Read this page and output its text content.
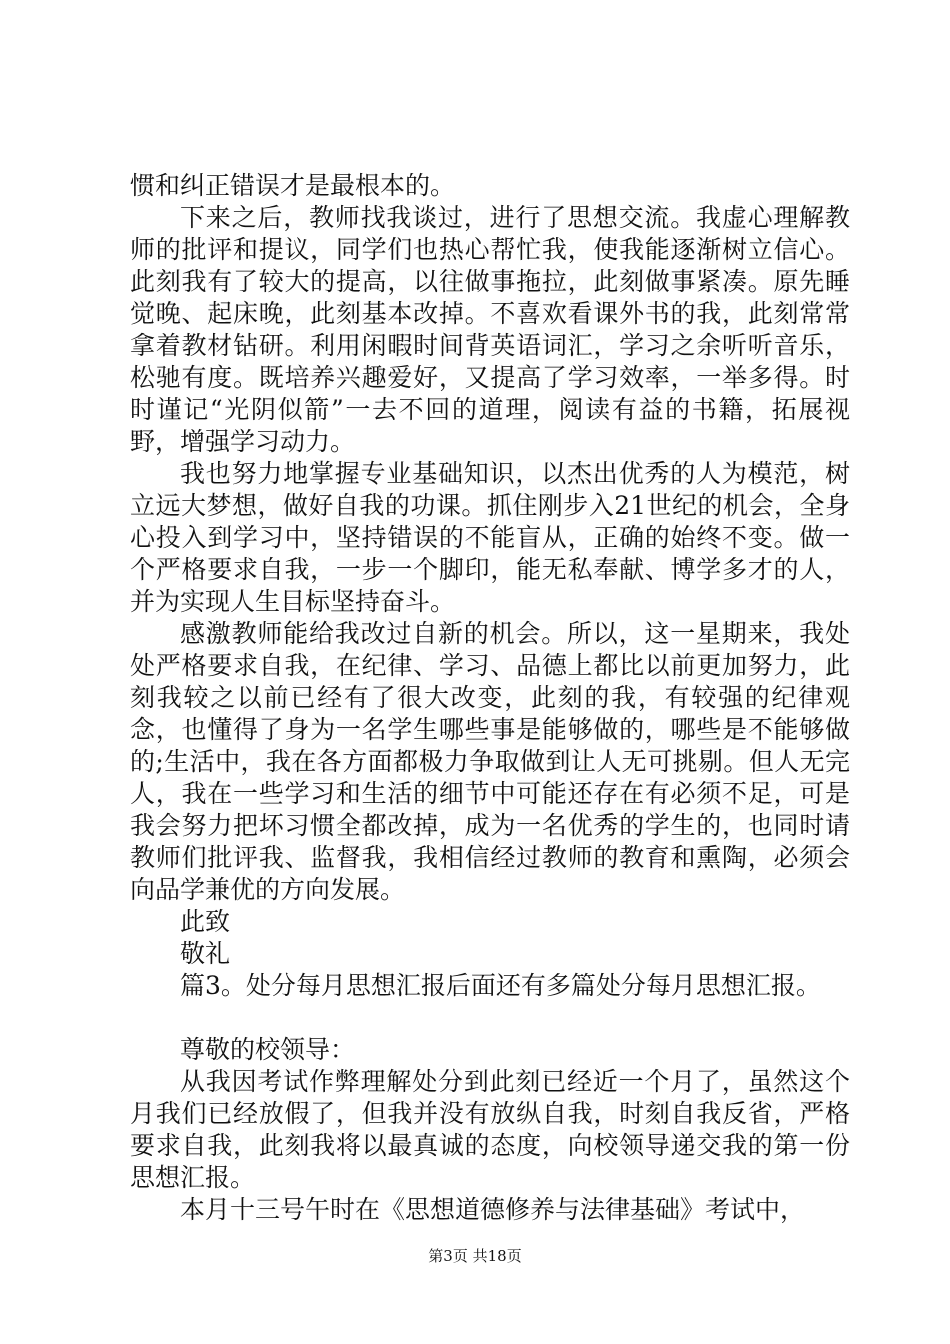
惯和纠正错误才是最根本的。

下来之后，教师找我谈过，进行了思想交流。我虚心理解教师的批评和提议，同学们也热心帮忙我，使我能逐渐树立信心。此刻我有了较大的提高，以往做事拖拉，此刻做事紧凑。原先睡觉晚、起床晚，此刻基本改掉。不喜欢看课外书的我，此刻常常拿着教材钻研。利用闲暇时间背英语词汇，学习之余听听音乐，松驰有度。既培养兴趣爱好，又提高了学习效率，一举多得。时时谨记“光阴似箭”一去不回的道理，阅读有益的书籍，拓展视野，增强学习动力。

我也努力地掌握专业基础知识，以杰出优秀的人为模范，树立远大梦想，做好自我的功课。抓住刚步入21世纪的机会，全身心投入到学习中，坚持错误的不能盲从，正确的始终不变。做一个严格要求自我，一步一个脚印，能无私奉献、博学多才的人，并为实现人生目标坚持奋斗。

感激教师能给我改过自新的机会。所以，这一星期来，我处处严格要求自我，在纪律、学习、品德上都比以前更加努力，此刻我较之以前已经有了很大改变，此刻的我，有较强的纪律观念，也懂得了身为一名学生哪些事是能够做的，哪些是不能够做的;生活中，我在各方面都极力争取做到让人无可挑剔。但人无完人，我在一些学习和生活的细节中可能还存在有必须不足，可是我会努力把坏习惯全都改掉，成为一名优秀的学生的，也同时请教师们批评我、监督我，我相信经过教师的教育和熏陶，必须会向品学兼优的方向发展。

此致

敬礼

篇3。处分每月思想汇报后面还有多篇处分每月思想汇报。

尊敬的校领导：

从我因考试作弊理解处分到此刻已经近一个月了，虽然这个月我们已经放假了，但我并没有放纵自我，时刻自我反省，严格要求自我，此刻我将以最真诚的态度，向校领导递交我的第一份思想汇报。

本月十三号午时在《思想道德修养与法律基础》考试中，

第3页 共18页
